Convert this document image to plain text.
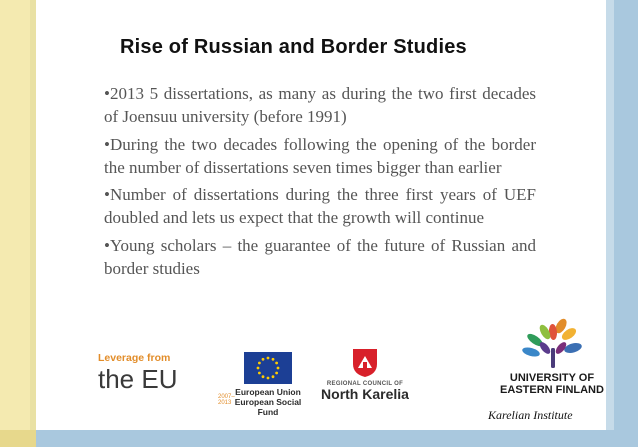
Rise of Russian and Border Studies

•2013 5 dissertations, as many as during the two first decades of Joensuu university (before 1991)

•During the two decades following the opening of the border the number of dissertations seven times bigger than earlier

•Number of dissertations during the three first years of UEF doubled and lets us expect that the growth will continue

•Young scholars – the guarantee of the future of Russian and border studies

Leverage from
the EU
2007–2013
European Union
European Social Fund
REGIONAL COUNCIL OF
North Karelia
UNIVERSITY OF
EASTERN FINLAND
Karelian Institute
